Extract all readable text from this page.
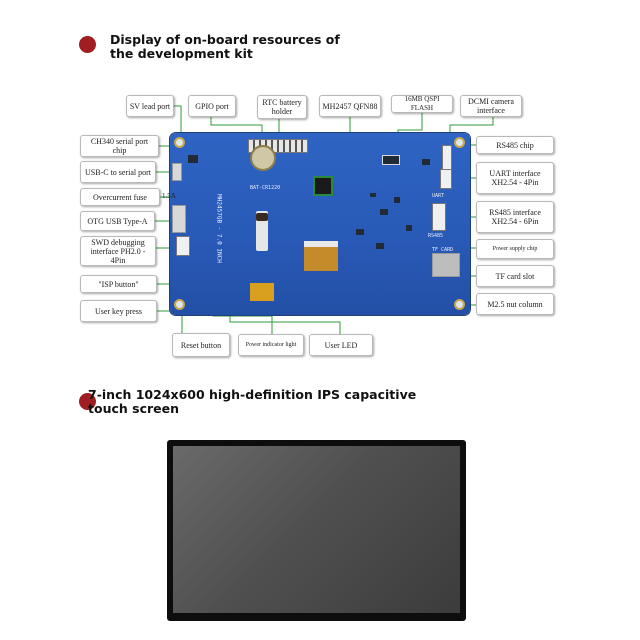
Display of on-board resources of the development kit
BAT-CR1220
UART
RS485
TF CARD
MH2457QB - 7.0 INCH
SV lead port	GPIO port	RTC battery holder
MH2457 QFN88
16MB QSPI FLASH
DCMI camera interface
CH340 serial port chip
USB-C to serial port
Overcurrent fuse	1.5A
OTG USB Type-A
SWD debugging interface PH2.0 - 4Pin
"ISP button"
User key press
RS485 chip
UART interface XH2.54 - 4Pin
RS485 interface XH2.54 - 6Pin
Power supply chip
TF card slot
M2.5 nut column
Reset button	Power indicator light	User LED
7-inch 1024x600 high-definition IPS capacitive touch screen
